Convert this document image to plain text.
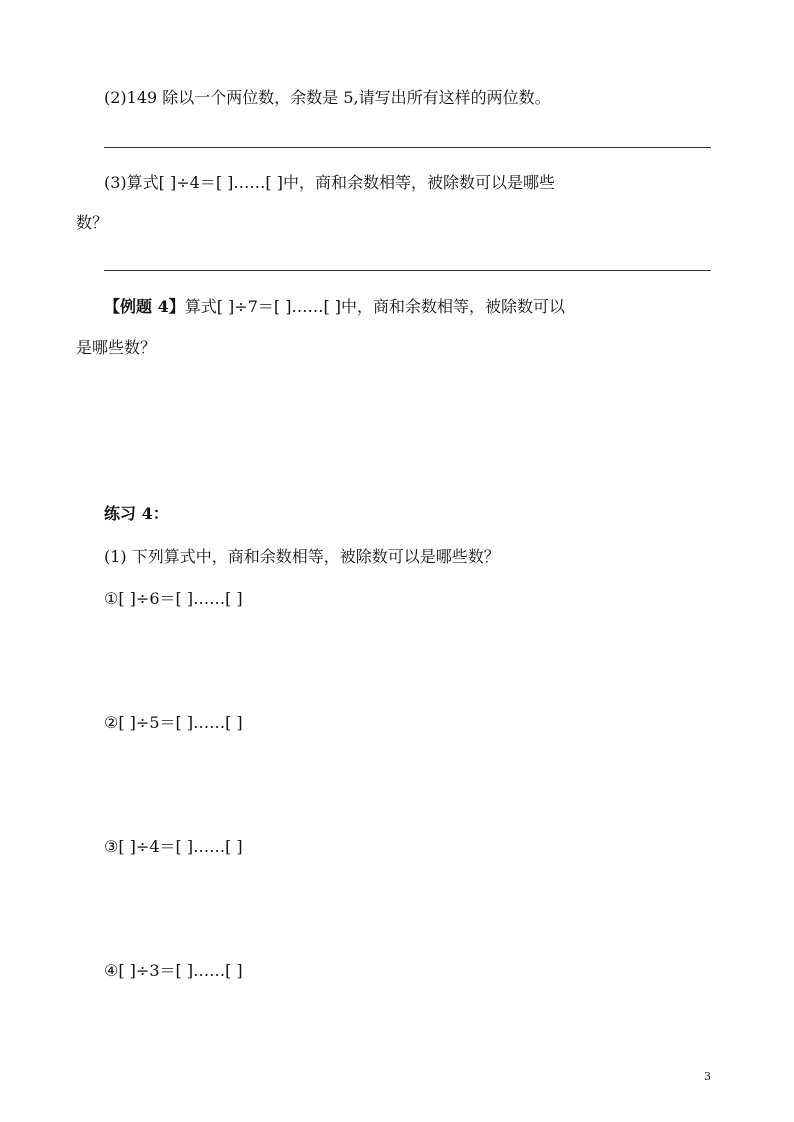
(2)149 除以一个两位数，余数是 5,请写出所有这样的两位数。
(3)算式[ ]÷4＝[ ]……[ ]中，商和余数相等，被除数可以是哪些
数？
【例题 4】算式[ ]÷7＝[ ]……[ ]中，商和余数相等，被除数可以
是哪些数？
练习 4：
(1) 下列算式中，商和余数相等，被除数可以是哪些数？
①[ ]÷6＝[ ]……[ ]
②[ ]÷5＝[ ]……[ ]
③[ ]÷4＝[ ]……[ ]
④[ ]÷3＝[ ]……[ ]
3
